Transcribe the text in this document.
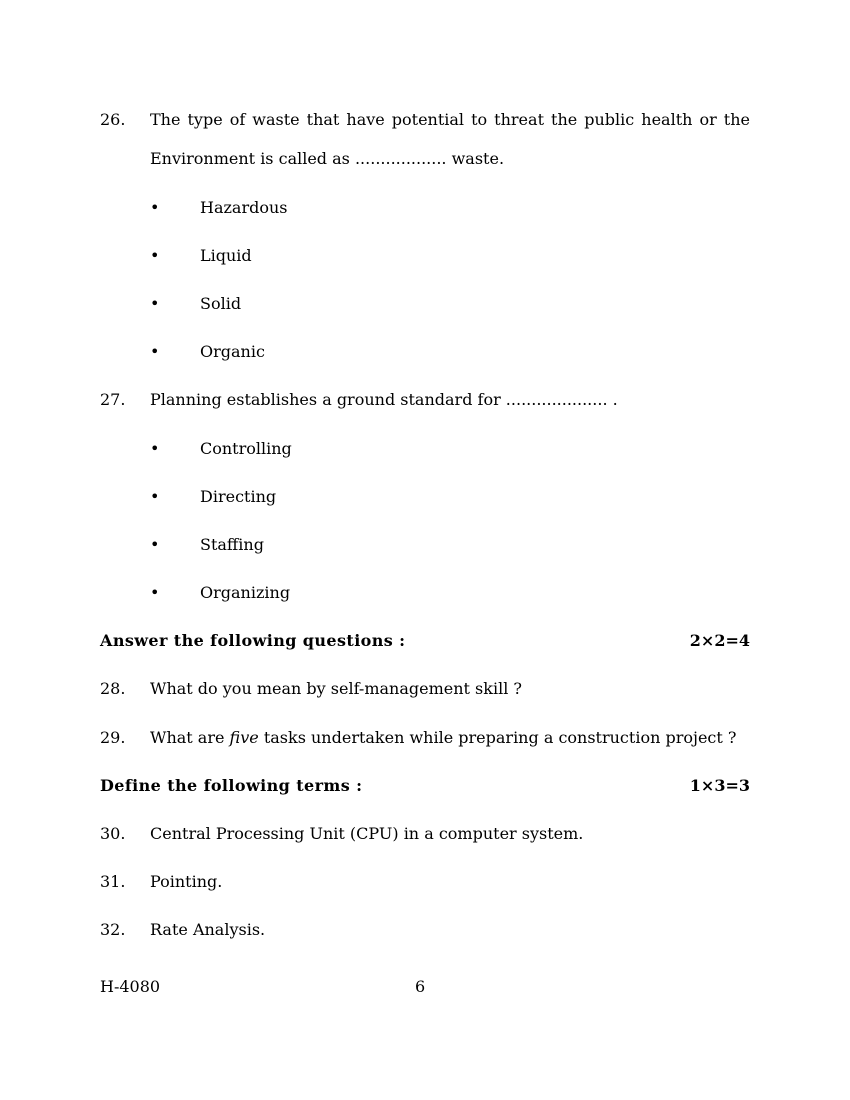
26. The type of waste that have potential to threat the public health or the
Environment is called as .................. waste.
•	Hazardous
•	Liquid
•	Solid
•	Organic
27. Planning establishes a ground standard for .................... .
•	Controlling
•	Directing
•	Staffing
•	Organizing
Answer the following questions :	2×2=4
28. What do you mean by self-management skill ?
29. What are five tasks undertaken while preparing a construction project ?
Define the following terms :	1×3=3
30. Central Processing Unit (CPU) in a computer system.
31. Pointing.
32. Rate Analysis.
H-4080	6
